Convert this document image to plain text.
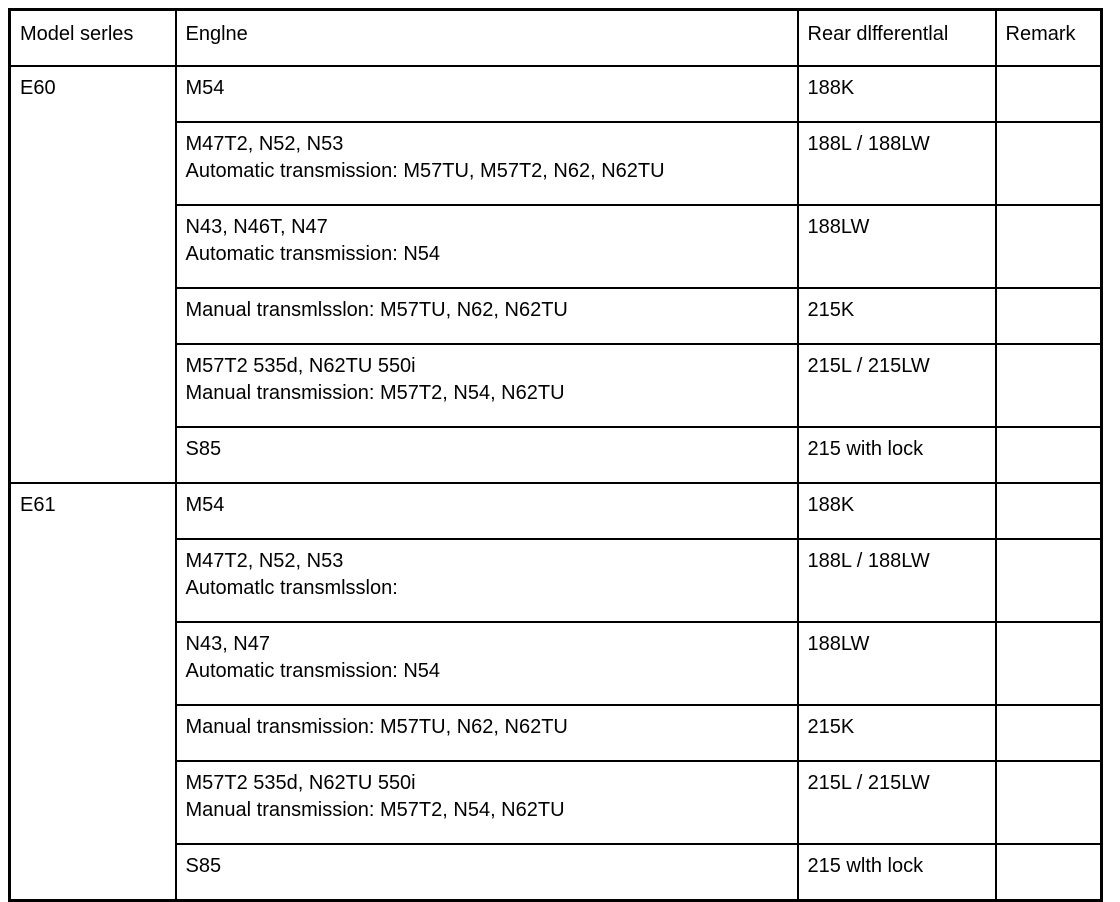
Model serles	Englne	Rear dlfferentlal	Remark
E60	M54	188K	

	M47T2, N52, N53
Automatic transmission: M57TU, M57T2, N62, N62TU	188L / 188LW	

	N43, N46T, N47
Automatic transmission: N54	188LW	

	Manual transmlsslon: M57TU, N62, N62TU	215K	

	M57T2 535d, N62TU 550i
Manual transmission: M57T2, N54, N62TU	215L / 215LW	

	S85	215 with lock	
E61	M54	188K	

	M47T2, N52, N53
Automatlc transmlsslon:	188L / 188LW	

	N43, N47
Automatic transmission: N54	188LW	

	Manual transmission: M57TU, N62, N62TU	215K	

	M57T2 535d, N62TU 550i
Manual transmission: M57T2, N54, N62TU	215L / 215LW	

	S85	215 wlth lock	
